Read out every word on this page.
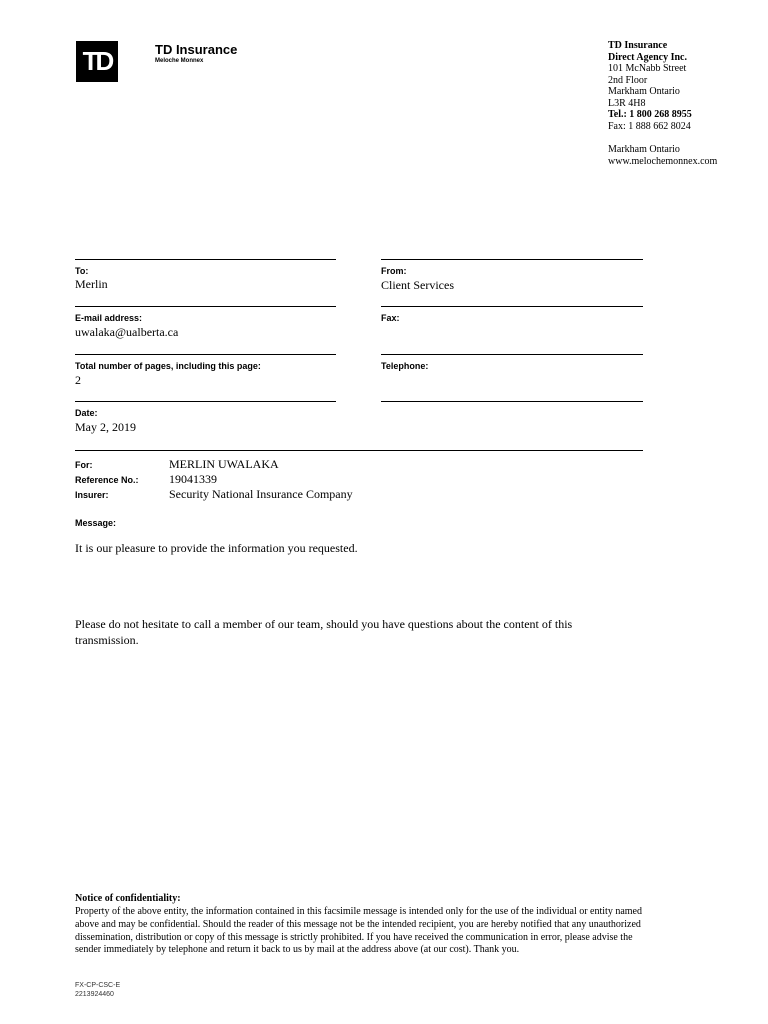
TD	TD Insurance
Meloche Monnex
TD Insurance
Direct Agency Inc.
101 McNabb Street
2nd Floor
Markham Ontario
L3R 4H8
Tel.: 1 800 268 8955
Fax: 1 888 662 8024
Markham Ontario
www.melochemonnex.com
To:
Merlin
From:
Client Services
E-mail address:
uwalaka@ualberta.ca
Fax:
Total number of pages, including this page:
2
Telephone:
Date:
May 2, 2019
For:	MERLIN UWALAKA
Reference No.:	19041339
Insurer:	Security National Insurance Company
Message:
It is our pleasure to provide the information you requested.
Please do not hesitate to call a member of our team, should you have questions about the content of this transmission.
Notice of confidentiality:
Property of the above entity, the information contained in this facsimile message is intended only for the use of the individual or entity named above and may be confidential. Should the reader of this message not be the intended recipient, you are hereby notified that any unauthorized dissemination, distribution or copy of this message is strictly prohibited. If you have received the communication in error, please advise the sender immediately by telephone and return it back to us by mail at the address above (at our cost). Thank you.
FX-CP-CSC-E
2213924460
